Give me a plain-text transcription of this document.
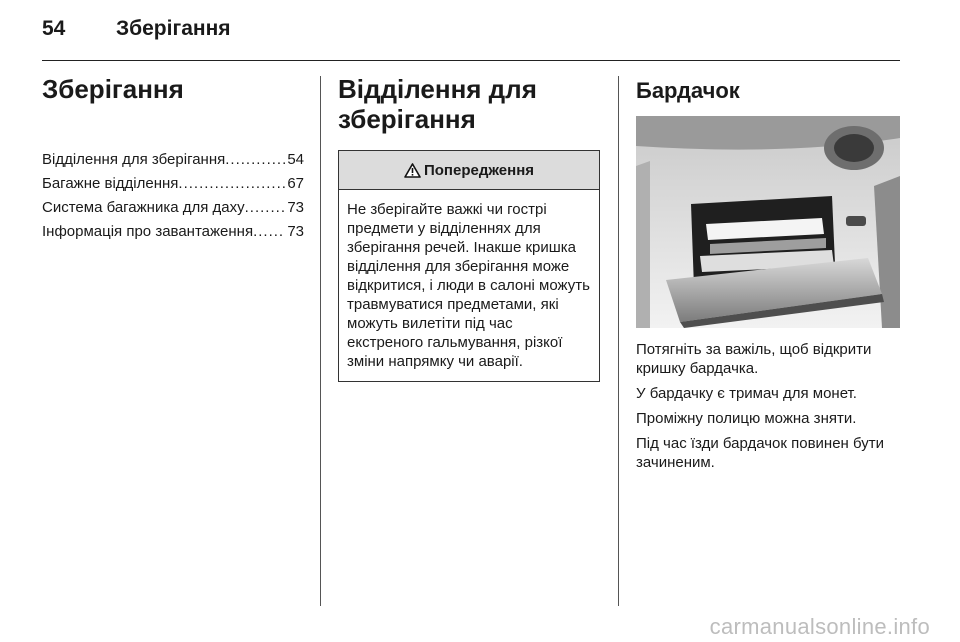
54	Зберігання
Зберігання
Відділення для зберігання .....	54
Багажне відділення .....	67
Система багажника для даху .....	73
Інформація про завантаження ..... 73
Відділення для зберігання
Попередження
Не зберігайте важкі чи гострі предмети у відділеннях для зберігання речей. Інакше кришка відділення для зберігання може відкритися, і люди в салоні можуть травмуватися предметами, які можуть вилетіти під час екстреного гальмування, різкої зміни напрямку чи аварії.
Бардачок

Потягніть за важіль, щоб відкрити кришку бардачка.

У бардачку є тримач для монет.

Проміжну полицю можна зняти.

Під час їзди бардачок повинен бути зачиненим.

carmanualsonline.info
